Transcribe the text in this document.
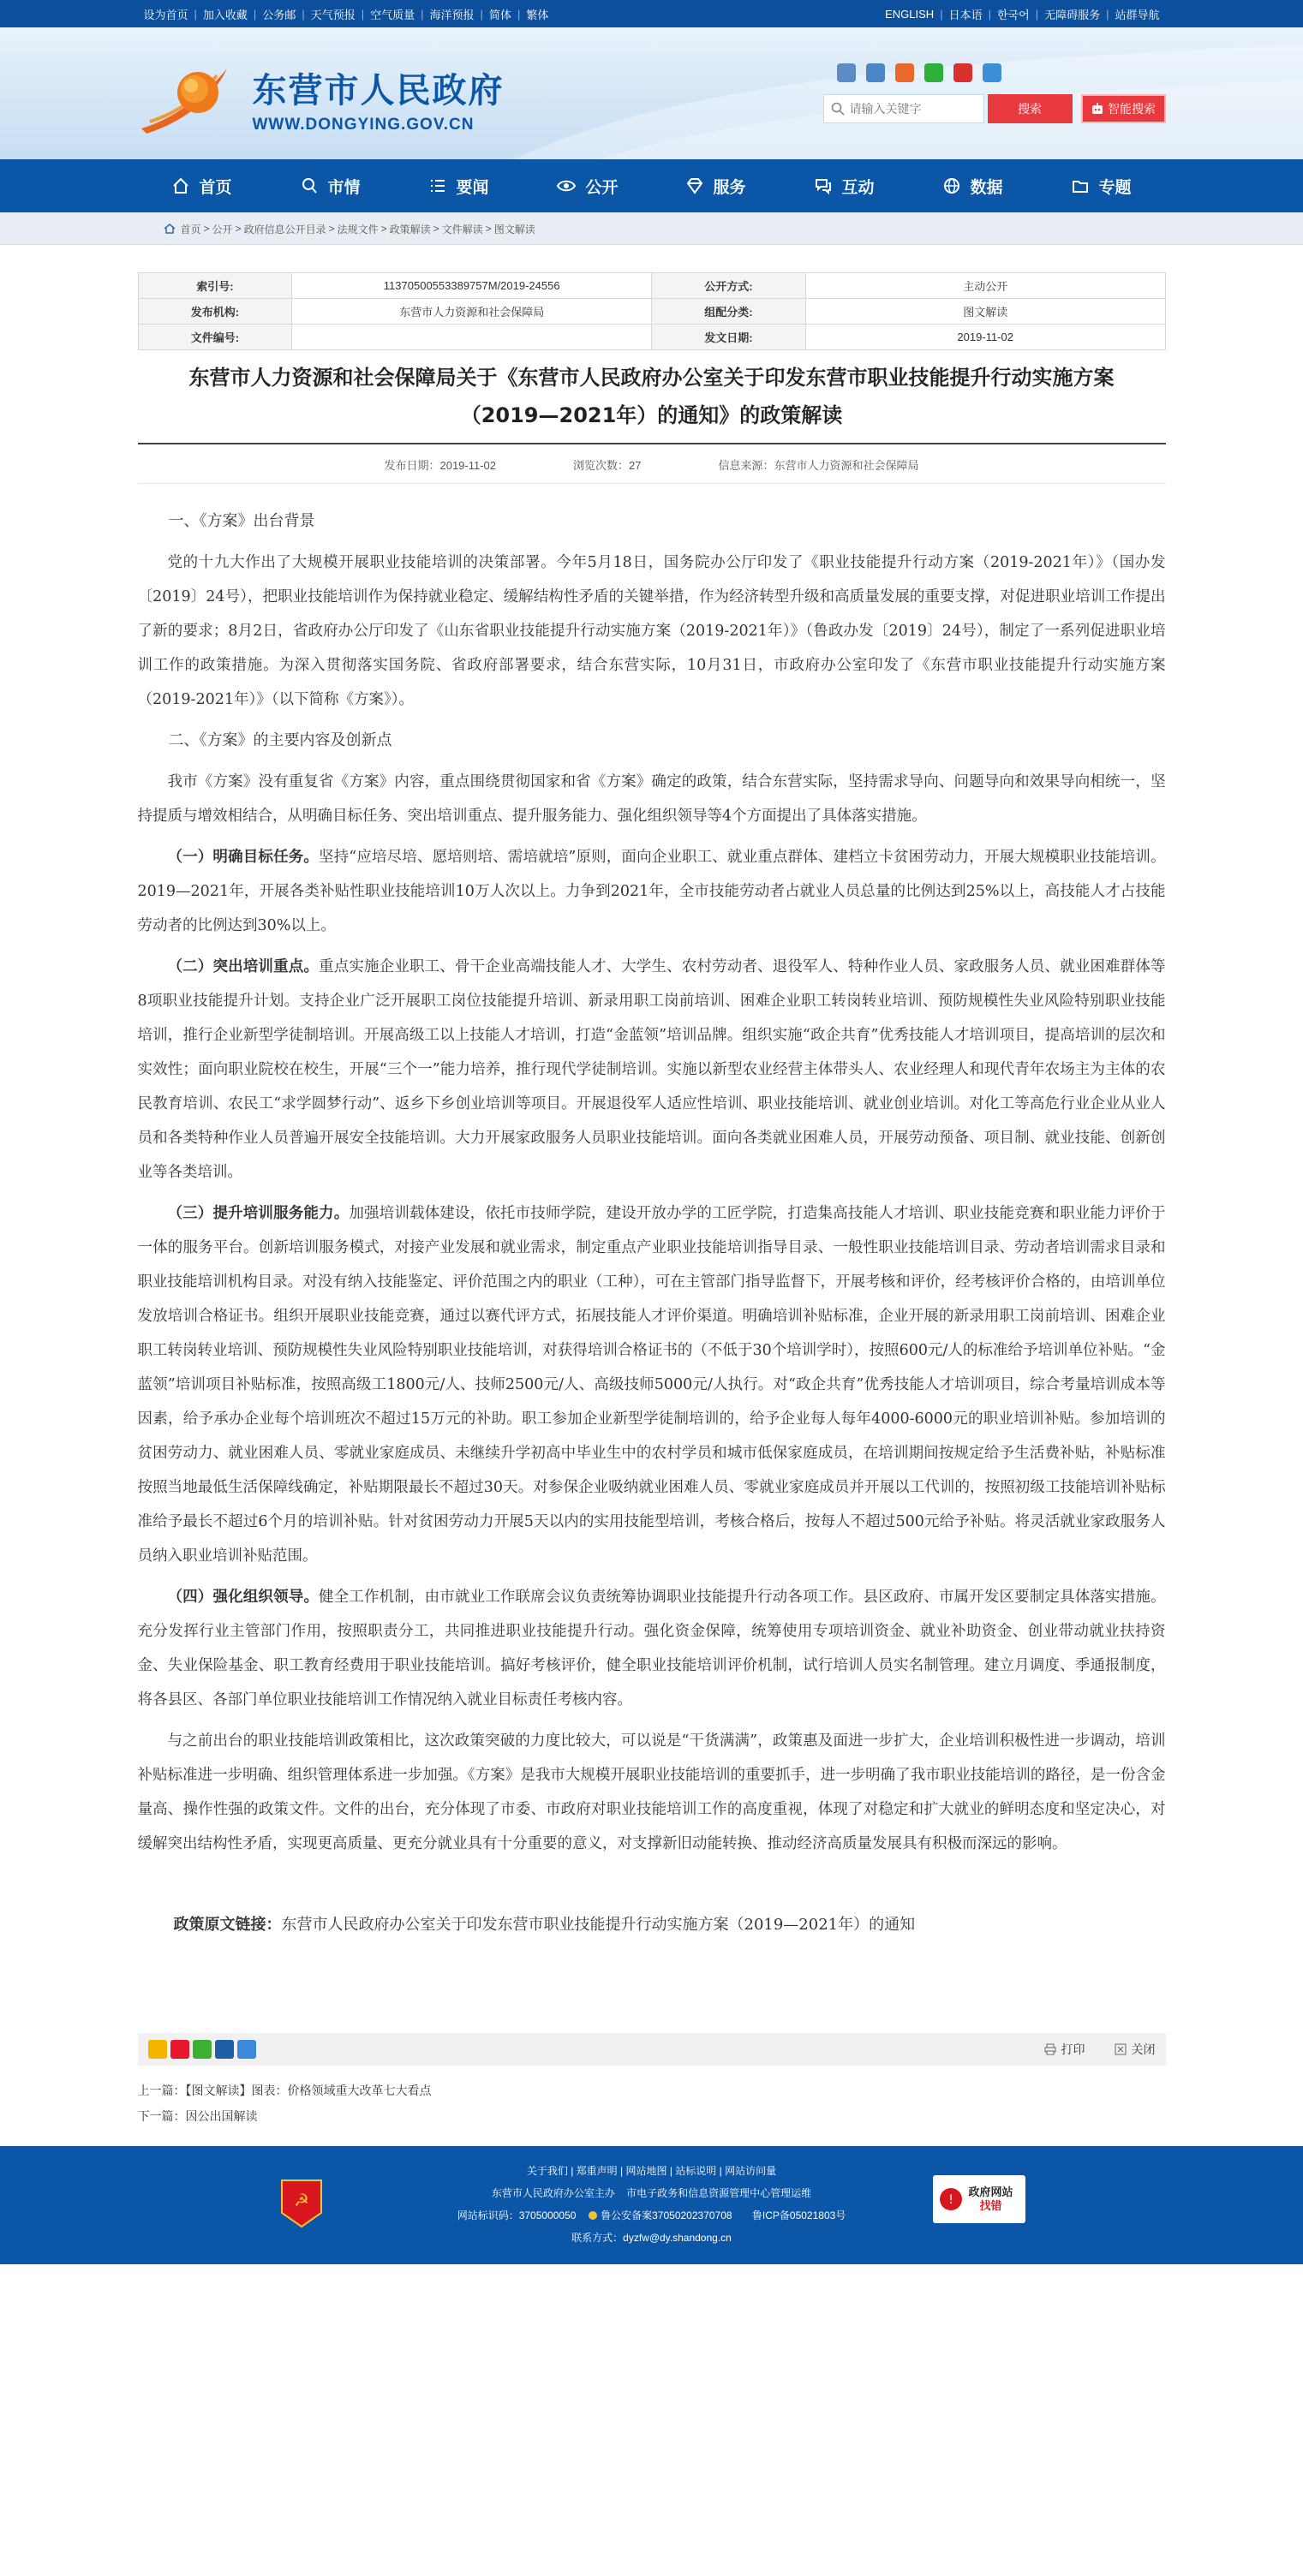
设为首页 | 加入收藏 | 公务邮 | 天气预报 | 空气质量 | 海洋预报 | 简体 | 繁体	ENGLISH | 日本语 | 한국어 | 无障碍服务 | 站群导航
东营市人民政府
WWW.DONGYING.GOV.CN
请输入关键字
搜索	智能搜索
首页	市情	要闻	公开	服务	互动	数据	专题
首页 > 公开 > 政府信息公开目录 > 法规文件 > 政策解读 > 文件解读 > 图文解读
索引号:	11370500553389757M/2019-24556	公开方式:	主动公开
发布机构:	东营市人力资源和社会保障局	组配分类:	图文解读
文件编号:		发文日期:	2019-11-02
东营市人力资源和社会保障局关于《东营市人民政府办公室关于印发东营市职业技能提升行动实施方案
（2019—2021年）的通知》的政策解读
发布日期：2019-11-02	浏览次数：27	信息来源：东营市人力资源和社会保障局

一、《方案》出台背景

党的十九大作出了大规模开展职业技能培训的决策部署。今年5月18日，国务院办公厅印发了《职业技能提升行动方案（2019-2021年）》（国办发〔2019〕24号），把职业技能培训作为保持就业稳定、缓解结构性矛盾的关键举措，作为经济转型升级和高质量发展的重要支撑，对促进职业培训工作提出了新的要求；8月2日，省政府办公厅印发了《山东省职业技能提升行动实施方案（2019-2021年）》（鲁政办发〔2019〕24号），制定了一系列促进职业培训工作的政策措施。为深入贯彻落实国务院、省政府部署要求，结合东营实际，10月31日，市政府办公室印发了《东营市职业技能提升行动实施方案（2019-2021年）》（以下简称《方案》）。

二、《方案》的主要内容及创新点

我市《方案》没有重复省《方案》内容，重点围绕贯彻国家和省《方案》确定的政策，结合东营实际，坚持需求导向、问题导向和效果导向相统一，坚持提质与增效相结合，从明确目标任务、突出培训重点、提升服务能力、强化组织领导等4个方面提出了具体落实措施。

（一）明确目标任务。坚持“应培尽培、愿培则培、需培就培”原则，面向企业职工、就业重点群体、建档立卡贫困劳动力，开展大规模职业技能培训。2019—2021年，开展各类补贴性职业技能培训10万人次以上。力争到2021年，全市技能劳动者占就业人员总量的比例达到25%以上，高技能人才占技能劳动者的比例达到30%以上。

（二）突出培训重点。重点实施企业职工、骨干企业高端技能人才、大学生、农村劳动者、退役军人、特种作业人员、家政服务人员、就业困难群体等8项职业技能提升计划。支持企业广泛开展职工岗位技能提升培训、新录用职工岗前培训、困难企业职工转岗转业培训、预防规模性失业风险特别职业技能培训，推行企业新型学徒制培训。开展高级工以上技能人才培训，打造“金蓝领”培训品牌。组织实施“政企共育”优秀技能人才培训项目，提高培训的层次和实效性；面向职业院校在校生，开展“三个一”能力培养，推行现代学徒制培训。实施以新型农业经营主体带头人、农业经理人和现代青年农场主为主体的农民教育培训、农民工“求学圆梦行动”、返乡下乡创业培训等项目。开展退役军人适应性培训、职业技能培训、就业创业培训。对化工等高危行业企业从业人员和各类特种作业人员普遍开展安全技能培训。大力开展家政服务人员职业技能培训。面向各类就业困难人员，开展劳动预备、项目制、就业技能、创新创业等各类培训。

（三）提升培训服务能力。加强培训载体建设，依托市技师学院，建设开放办学的工匠学院，打造集高技能人才培训、职业技能竞赛和职业能力评价于一体的服务平台。创新培训服务模式，对接产业发展和就业需求，制定重点产业职业技能培训指导目录、一般性职业技能培训目录、劳动者培训需求目录和职业技能培训机构目录。对没有纳入技能鉴定、评价范围之内的职业（工种），可在主管部门指导监督下，开展考核和评价，经考核评价合格的，由培训单位发放培训合格证书。组织开展职业技能竞赛，通过以赛代评方式，拓展技能人才评价渠道。明确培训补贴标准，企业开展的新录用职工岗前培训、困难企业职工转岗转业培训、预防规模性失业风险特别职业技能培训，对获得培训合格证书的（不低于30个培训学时），按照600元/人的标准给予培训单位补贴。“金蓝领”培训项目补贴标准，按照高级工1800元/人、技师2500元/人、高级技师5000元/人执行。对“政企共育”优秀技能人才培训项目，综合考量培训成本等因素，给予承办企业每个培训班次不超过15万元的补助。职工参加企业新型学徒制培训的，给予企业每人每年4000-6000元的职业培训补贴。参加培训的贫困劳动力、就业困难人员、零就业家庭成员、未继续升学初高中毕业生中的农村学员和城市低保家庭成员，在培训期间按规定给予生活费补贴，补贴标准按照当地最低生活保障线确定，补贴期限最长不超过30天。对参保企业吸纳就业困难人员、零就业家庭成员并开展以工代训的，按照初级工技能培训补贴标准给予最长不超过6个月的培训补贴。针对贫困劳动力开展5天以内的实用技能型培训，考核合格后，按每人不超过500元给予补贴。将灵活就业家政服务人员纳入职业培训补贴范围。

（四）强化组织领导。健全工作机制，由市就业工作联席会议负责统筹协调职业技能提升行动各项工作。县区政府、市属开发区要制定具体落实措施。充分发挥行业主管部门作用，按照职责分工，共同推进职业技能提升行动。强化资金保障，统筹使用专项培训资金、就业补助资金、创业带动就业扶持资金、失业保险基金、职工教育经费用于职业技能培训。搞好考核评价，健全职业技能培训评价机制，试行培训人员实名制管理。建立月调度、季通报制度，将各县区、各部门单位职业技能培训工作情况纳入就业目标责任考核内容。

与之前出台的职业技能培训政策相比，这次政策突破的力度比较大，可以说是“干货满满”，政策惠及面进一步扩大，企业培训积极性进一步调动，培训补贴标准进一步明确、组织管理体系进一步加强。《方案》是我市大规模开展职业技能培训的重要抓手，进一步明确了我市职业技能培训的路径，是一份含金量高、操作性强的政策文件。文件的出台，充分体现了市委、市政府对职业技能培训工作的高度重视，体现了对稳定和扩大就业的鲜明态度和坚定决心，对缓解突出结构性矛盾，实现更高质量、更充分就业具有十分重要的意义，对支撑新旧动能转换、推动经济高质量发展具有积极而深远的影响。

政策原文链接：东营市人民政府办公室关于印发东营市职业技能提升行动实施方案（2019—2021年）的通知
打印	关闭
上一篇：【图文解读】图表：价格领域重大改革七大看点
下一篇：因公出国解读
☭
关于我们 | 郑重声明 | 网站地图 | 站标说明 | 网站访问量
东营市人民政府办公室主办 市电子政务和信息资源管理中心管理运维
网站标识码：3705000050 鲁公安备案37050202370708 鲁ICP备05021803号
联系方式：dyzfw@dy.shandong.cn
!
政府网站
找错
